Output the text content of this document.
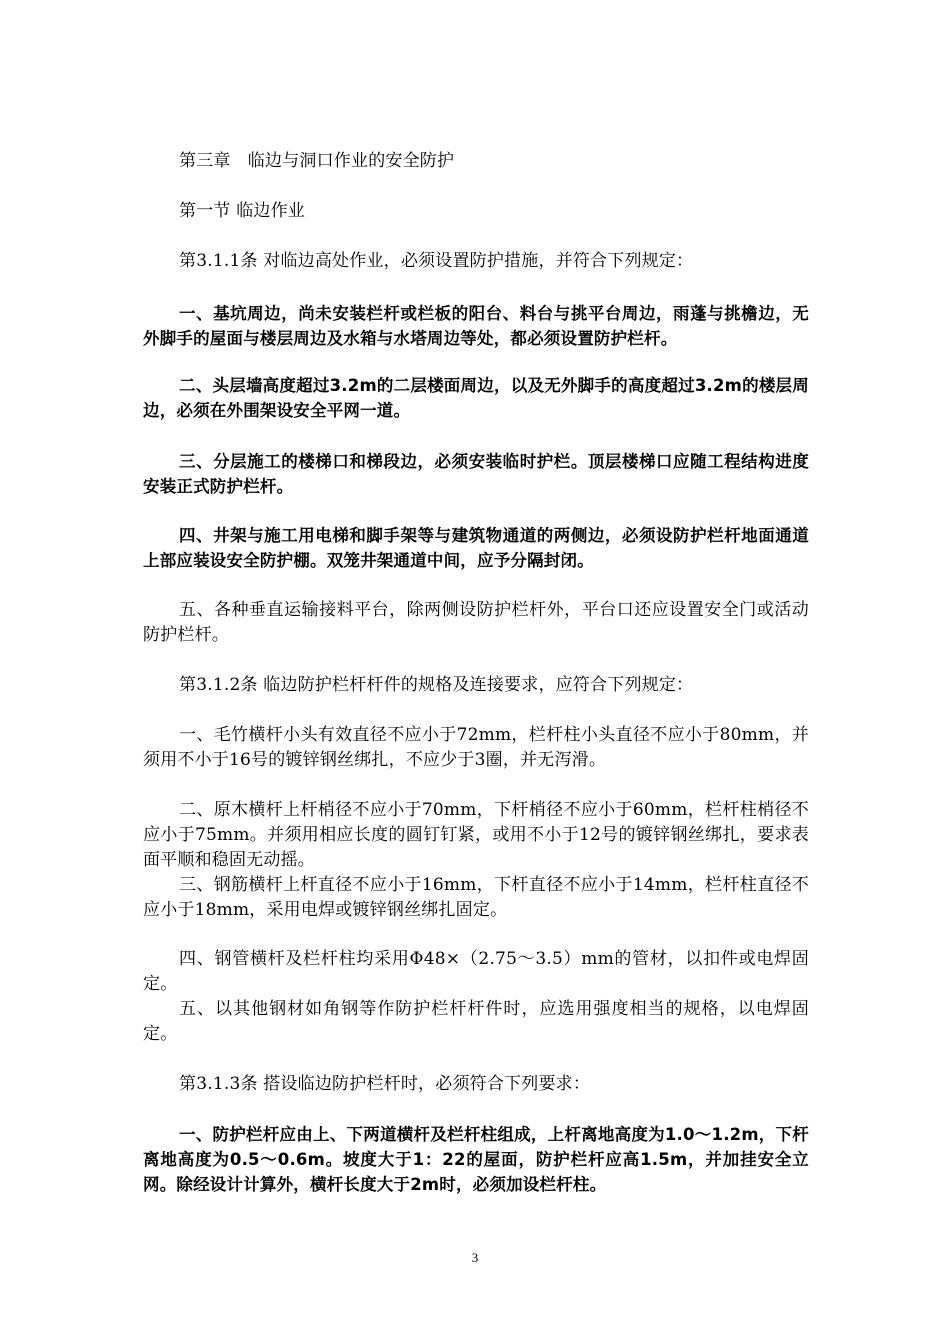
第三章　临边与洞口作业的安全防护

第一节 临边作业

第3.1.1条 对临边高处作业，必须设置防护措施，并符合下列规定：

一、基坑周边，尚未安装栏杆或栏板的阳台、料台与挑平台周边，雨蓬与挑檐边，无外脚手的屋面与楼层周边及水箱与水塔周边等处，都必须设置防护栏杆。

二、头层墙高度超过3.2m的二层楼面周边，以及无外脚手的高度超过3.2m的楼层周边，必须在外围架设安全平网一道。

三、分层施工的楼梯口和梯段边，必须安装临时护栏。顶层楼梯口应随工程结构进度安装正式防护栏杆。

四、井架与施工用电梯和脚手架等与建筑物通道的两侧边，必须设防护栏杆地面通道上部应装设安全防护棚。双笼井架通道中间，应予分隔封闭。

五、各种垂直运输接料平台，除两侧设防护栏杆外，平台口还应设置安全门或活动防护栏杆。

第3.1.2条 临边防护栏杆杆件的规格及连接要求，应符合下列规定：

一、毛竹横杆小头有效直径不应小于72mm，栏杆柱小头直径不应小于80mm，并须用不小于16号的镀锌钢丝绑扎，不应少于3圈，并无泻滑。

二、原木横杆上杆梢径不应小于70mm，下杆梢径不应小于60mm，栏杆柱梢径不应小于75mm。并须用相应长度的圆钉钉紧，或用不小于12号的镀锌钢丝绑扎，要求表面平顺和稳固无动摇。

三、钢筋横杆上杆直径不应小于16mm，下杆直径不应小于14mm，栏杆柱直径不应小于18mm，采用电焊或镀锌钢丝绑扎固定。

四、钢管横杆及栏杆柱均采用Φ48×（2.75～3.5）mm的管材，以扣件或电焊固定。

五、以其他钢材如角钢等作防护栏杆杆件时，应选用强度相当的规格，以电焊固定。

第3.1.3条 搭设临边防护栏杆时，必须符合下列要求：

一、防护栏杆应由上、下两道横杆及栏杆柱组成，上杆离地高度为1.0～1.2m，下杆离地高度为0.5～0.6m。坡度大于1：22的屋面，防护栏杆应高1.5m，并加挂安全立网。除经设计计算外，横杆长度大于2m时，必须加设栏杆柱。

3
